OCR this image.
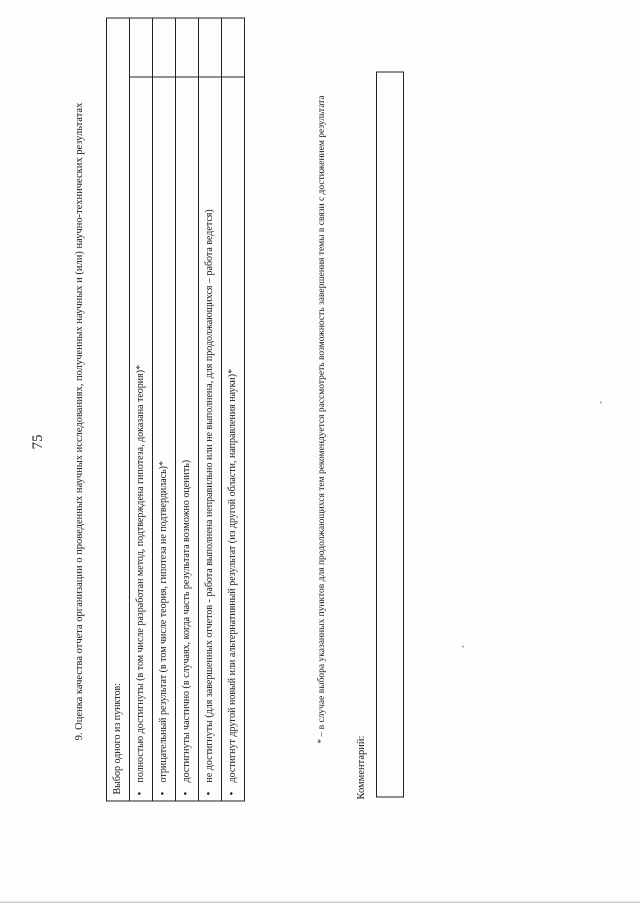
75	9. Оценка качества отчета организации о проведенных научных исследованиях, полученных научных и (или) научно-технических результатах	Выбор одного из пунктов:	
• полностью достигнуты (в том числе разработан метод, подтверждена гипотеза, доказана теория)*	
• отрицательный результат (в том числе теория, гипотеза не подтвердилась)*	
• достигнуты частично (в случаях, когда часть результата возможно оценить)	
• не достигнуты (для завершенных отчетов - работа выполнена неправильно или не выполнена, для продолжающихся – работа ведется)	
• достигнут другой новый или альтернативный результат (из другой области, направления науки)*		* – в случае выбора указанных пунктов для продолжающихся тем рекомендуется рассмотреть возможность завершения темы в связи с достижением результата
Комментарий:
